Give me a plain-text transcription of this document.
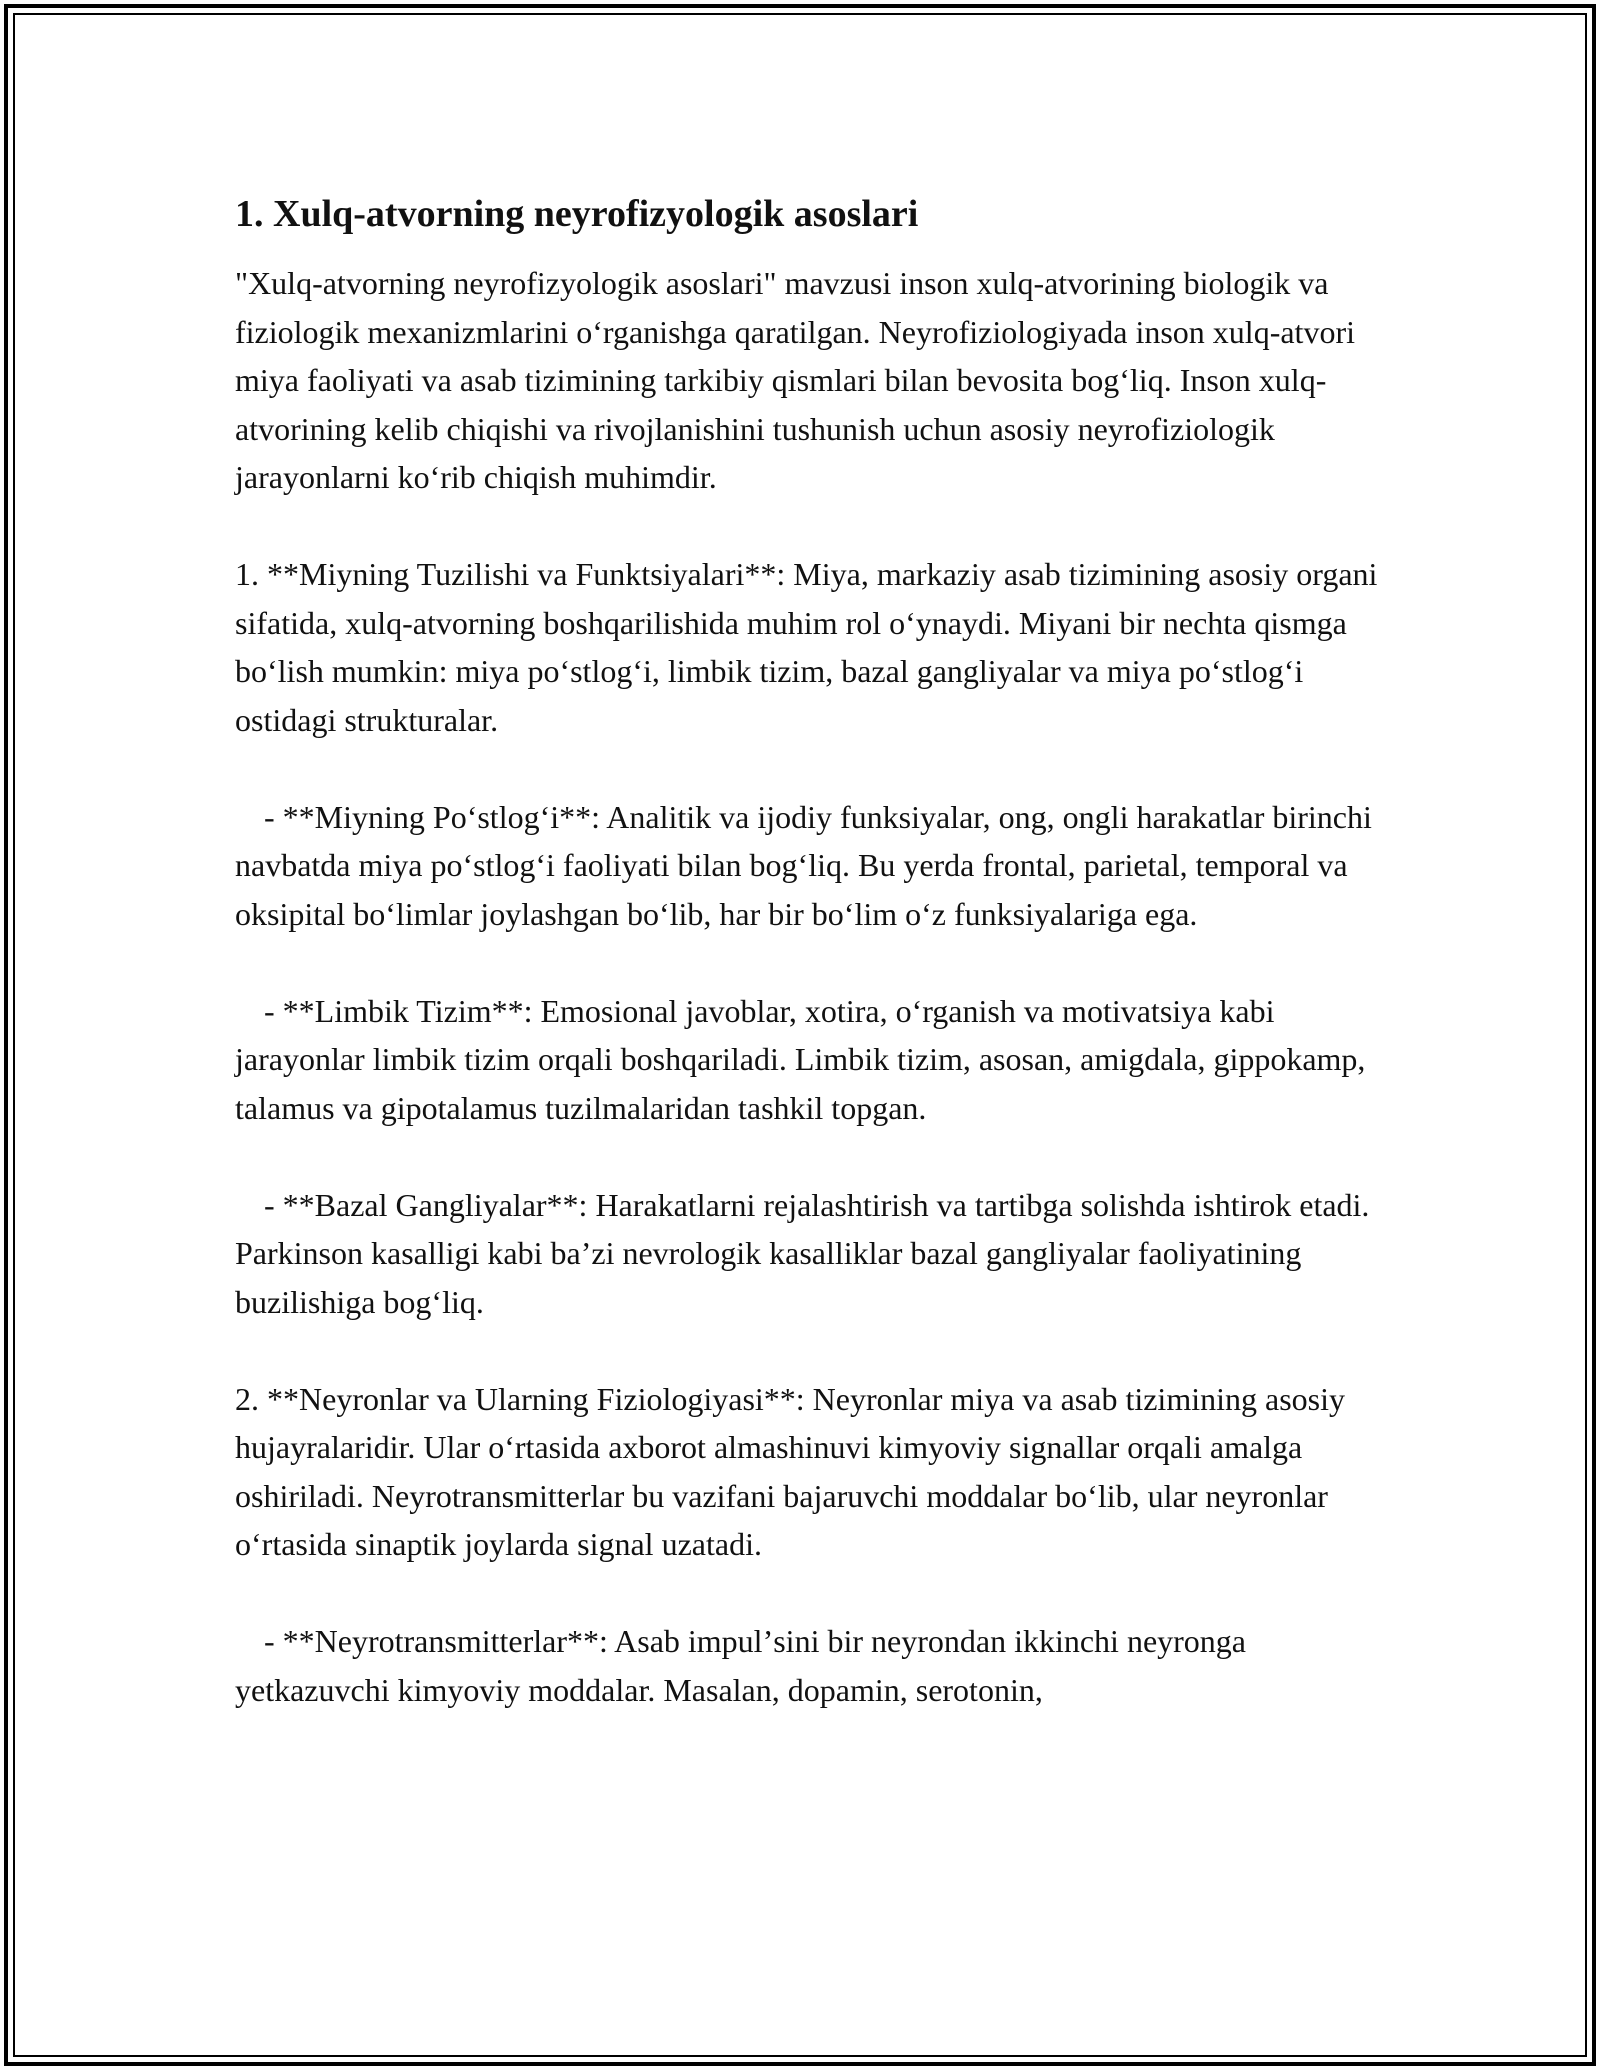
1. Xulq-atvorning neyrofizyologik asoslari

"Xulq-atvorning neyrofizyologik asoslari" mavzusi inson xulq-atvorining biologik va fiziologik mexanizmlarini oʻrganishga qaratilgan. Neyrofiziologiyada inson xulq-atvori miya faoliyati va asab tizimining tarkibiy qismlari bilan bevosita bogʻliq. Inson xulq-atvorining kelib chiqishi va rivojlanishini tushunish uchun asosiy neyrofiziologik jarayonlarni koʻrib chiqish muhimdir.

1. **Miyning Tuzilishi va Funktsiyalari**: Miya, markaziy asab tizimining asosiy organi sifatida, xulq-atvorning boshqarilishida muhim rol oʻynaydi. Miyani bir nechta qismga boʻlish mumkin: miya poʻstlogʻi, limbik tizim, bazal gangliyalar va miya poʻstlogʻi ostidagi strukturalar.

- **Miyning Poʻstlogʻi**: Analitik va ijodiy funksiyalar, ong, ongli harakatlar birinchi navbatda miya poʻstlogʻi faoliyati bilan bogʻliq. Bu yerda frontal, parietal, temporal va oksipital boʻlimlar joylashgan boʻlib, har bir boʻlim oʻz funksiyalariga ega.

- **Limbik Tizim**: Emosional javoblar, xotira, oʻrganish va motivatsiya kabi jarayonlar limbik tizim orqali boshqariladi. Limbik tizim, asosan, amigdala, gippokamp, talamus va gipotalamus tuzilmalaridan tashkil topgan.

- **Bazal Gangliyalar**: Harakatlarni rejalashtirish va tartibga solishda ishtirok etadi. Parkinson kasalligi kabi baʼzi nevrologik kasalliklar bazal gangliyalar faoliyatining buzilishiga bogʻliq.

2. **Neyronlar va Ularning Fiziologiyasi**: Neyronlar miya va asab tizimining asosiy hujayralaridir. Ular oʻrtasida axborot almashinuvi kimyoviy signallar orqali amalga oshiriladi. Neyrotransmitterlar bu vazifani bajaruvchi moddalar boʻlib, ular neyronlar oʻrtasida sinaptik joylarda signal uzatadi.

- **Neyrotransmitterlar**: Asab impulʼsini bir neyrondan ikkinchi neyronga yetkazuvchi kimyoviy moddalar. Masalan, dopamin, serotonin,
